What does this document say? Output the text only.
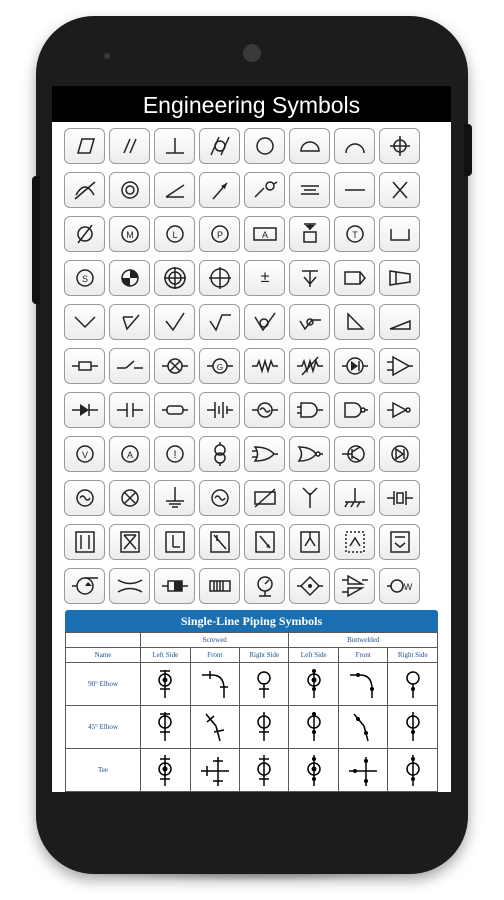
Engineering Symbols
M	L	P	A	T
S	±
G
V	A	!
W
Single-Line Piping Symbols
	Screwed			Buttwelded		
Name	Left Side	Front	Right Side	Left Side	Front	Right Side
90° Elbow	

45° Elbow	

Tee	
